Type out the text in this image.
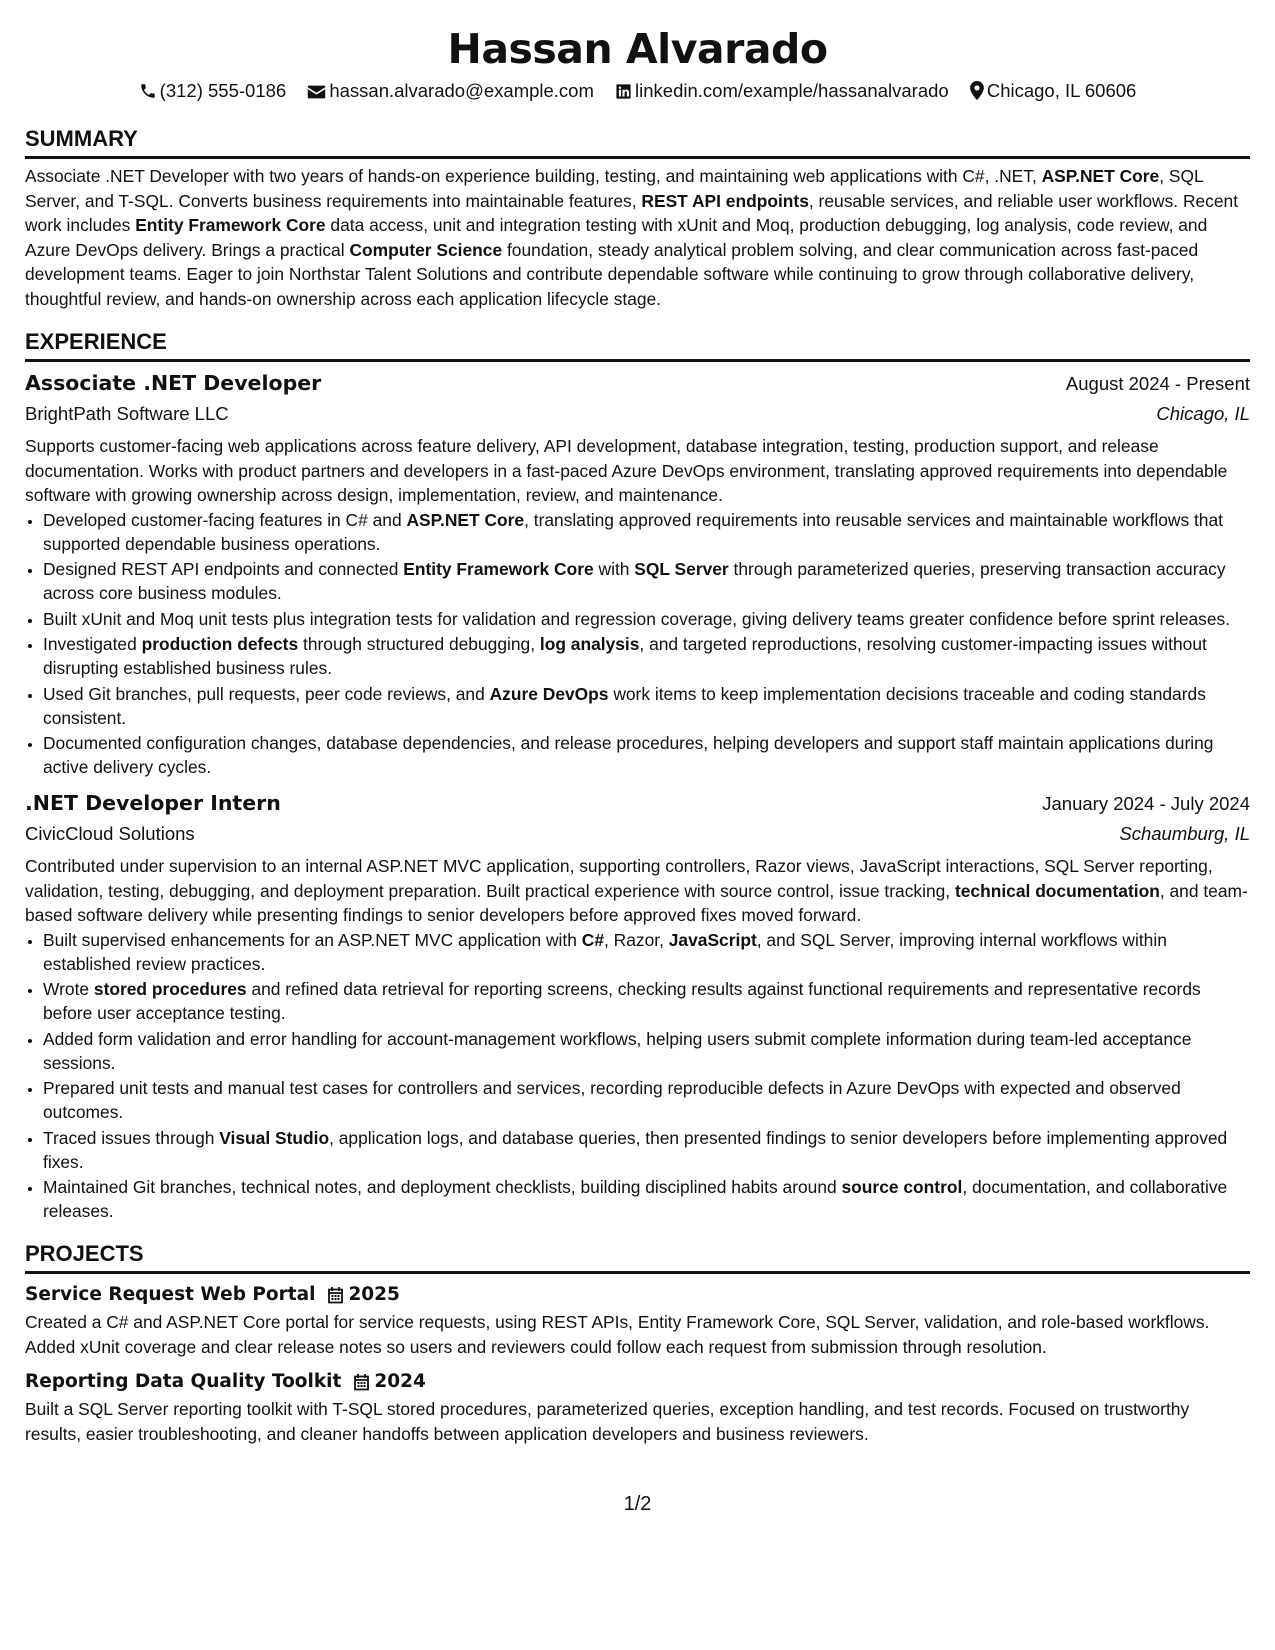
Hassan Alvarado
(312) 555-0186 hassan.alvarado@example.com linkedin.com/example/hassanalvarado Chicago, IL 60606
SUMMARY

Associate .NET Developer with two years of hands-on experience building, testing, and maintaining web applications with C#, .NET, ASP.NET Core, SQL Server, and T-SQL. Converts business requirements into maintainable features, REST API endpoints, reusable services, and reliable user workflows. Recent work includes Entity Framework Core data access, unit and integration testing with xUnit and Moq, production debugging, log analysis, code review, and Azure DevOps delivery. Brings a practical Computer Science foundation, steady analytical problem solving, and clear communication across fast-paced development teams. Eager to join Northstar Talent Solutions and contribute dependable software while continuing to grow through collaborative delivery, thoughtful review, and hands-on ownership across each application lifecycle stage.

EXPERIENCE
Associate .NET Developer	August 2024 - Present
BrightPath Software LLC	Chicago, IL

Supports customer-facing web applications across feature delivery, API development, database integration, testing, production support, and release documentation. Works with product partners and developers in a fast-paced Azure DevOps environment, translating approved requirements into dependable software with growing ownership across design, implementation, review, and maintenance.

• Developed customer-facing features in C# and ASP.NET Core, translating approved requirements into reusable services and maintainable workflows that supported dependable business operations.
• Designed REST API endpoints and connected Entity Framework Core with SQL Server through parameterized queries, preserving transaction accuracy across core business modules.
• Built xUnit and Moq unit tests plus integration tests for validation and regression coverage, giving delivery teams greater confidence before sprint releases.
• Investigated production defects through structured debugging, log analysis, and targeted reproductions, resolving customer-impacting issues without disrupting established business rules.
• Used Git branches, pull requests, peer code reviews, and Azure DevOps work items to keep implementation decisions traceable and coding standards consistent.
• Documented configuration changes, database dependencies, and release procedures, helping developers and support staff maintain applications during active delivery cycles.
.NET Developer Intern	January 2024 - July 2024
CivicCloud Solutions	Schaumburg, IL

Contributed under supervision to an internal ASP.NET MVC application, supporting controllers, Razor views, JavaScript interactions, SQL Server reporting, validation, testing, debugging, and deployment preparation. Built practical experience with source control, issue tracking, technical documentation, and team-based software delivery while presenting findings to senior developers before approved fixes moved forward.

• Built supervised enhancements for an ASP.NET MVC application with C#, Razor, JavaScript, and SQL Server, improving internal workflows within established review practices.
• Wrote stored procedures and refined data retrieval for reporting screens, checking results against functional requirements and representative records before user acceptance testing.
• Added form validation and error handling for account-management workflows, helping users submit complete information during team-led acceptance sessions.
• Prepared unit tests and manual test cases for controllers and services, recording reproducible defects in Azure DevOps with expected and observed outcomes.
• Traced issues through Visual Studio, application logs, and database queries, then presented findings to senior developers before implementing approved fixes.
• Maintained Git branches, technical notes, and deployment checklists, building disciplined habits around source control, documentation, and collaborative releases.
PROJECTS
Service Request Web Portal 2025

Created a C# and ASP.NET Core portal for service requests, using REST APIs, Entity Framework Core, SQL Server, validation, and role-based workflows. Added xUnit coverage and clear release notes so users and reviewers could follow each request from submission through resolution.

Reporting Data Quality Toolkit 2024

Built a SQL Server reporting toolkit with T-SQL stored procedures, parameterized queries, exception handling, and test records. Focused on trustworthy results, easier troubleshooting, and cleaner handoffs between application developers and business reviewers.

1/2
